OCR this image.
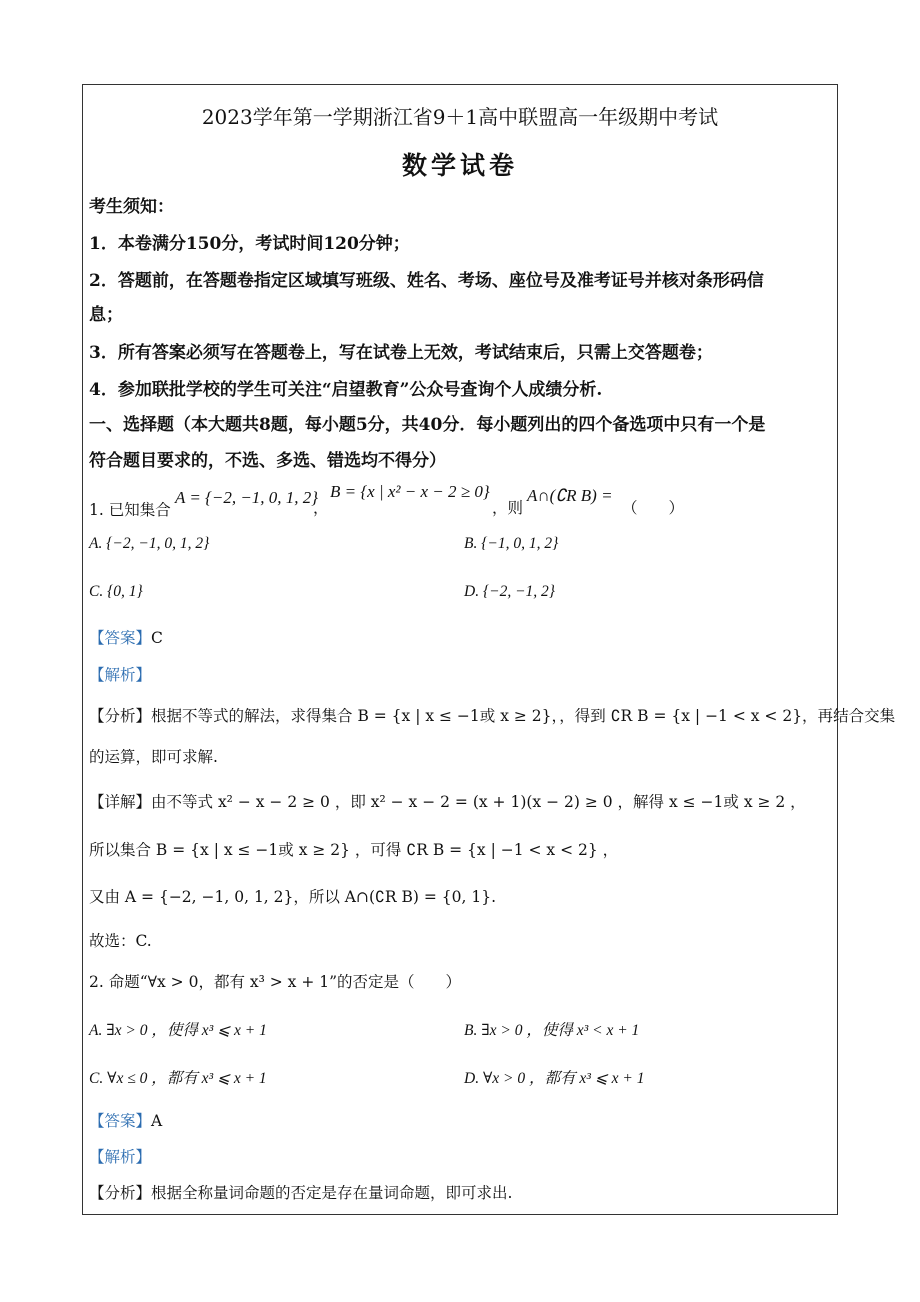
2023学年第一学期浙江省9＋1高中联盟高一年级期中考试
数学试卷
考生须知：
1．本卷满分150分，考试时间120分钟；
2．答题前，在答题卷指定区域填写班级、姓名、考场、座位号及准考证号并核对条形码信
息；
3．所有答案必须写在答题卷上，写在试卷上无效，考试结束后，只需上交答题卷；
4．参加联批学校的学生可关注“启望教育”公众号查询个人成绩分析.
一、选择题（本大题共8题，每小题5分，共40分．每小题列出的四个备选项中只有一个是
符合题目要求的，不选、多选、错选均不得分）
1. 已知集合
A = {−2, −1, 0, 1, 2}
，
B = {x | x² − x − 2 ≥ 0}
，则
A∩(∁R B) =
（　　）
A. {−2, −1, 0, 1, 2}	B. {−1, 0, 1, 2}
C. {0, 1}	D. {−2, −1, 2}
【答案】C
【解析】
【分析】根据不等式的解法，求得集合 B = {x | x ≤ −1或 x ≥ 2}，，得到 ∁R B = {x | −1 < x < 2}，再结合交集
的运算，即可求解.
【详解】由不等式 x² − x − 2 ≥ 0 ，即 x² − x − 2 = (x + 1)(x − 2) ≥ 0 ，解得 x ≤ −1或 x ≥ 2 ，
所以集合 B = {x | x ≤ −1或 x ≥ 2} ，可得 ∁R B = {x | −1 < x < 2} ，
又由 A = {−2, −1, 0, 1, 2}，所以 A∩(∁R B) = {0, 1}.
故选：C.
2. 命题“∀x > 0，都有 x³ > x + 1”的否定是（　　）
A. ∃x > 0 ，使得 x³ ⩽ x + 1	B. ∃x > 0 ，使得 x³ < x + 1
C. ∀x ≤ 0 ，都有 x³ ⩽ x + 1	D. ∀x > 0 ，都有 x³ ⩽ x + 1
【答案】A
【解析】
【分析】根据全称量词命题的否定是存在量词命题，即可求出.
